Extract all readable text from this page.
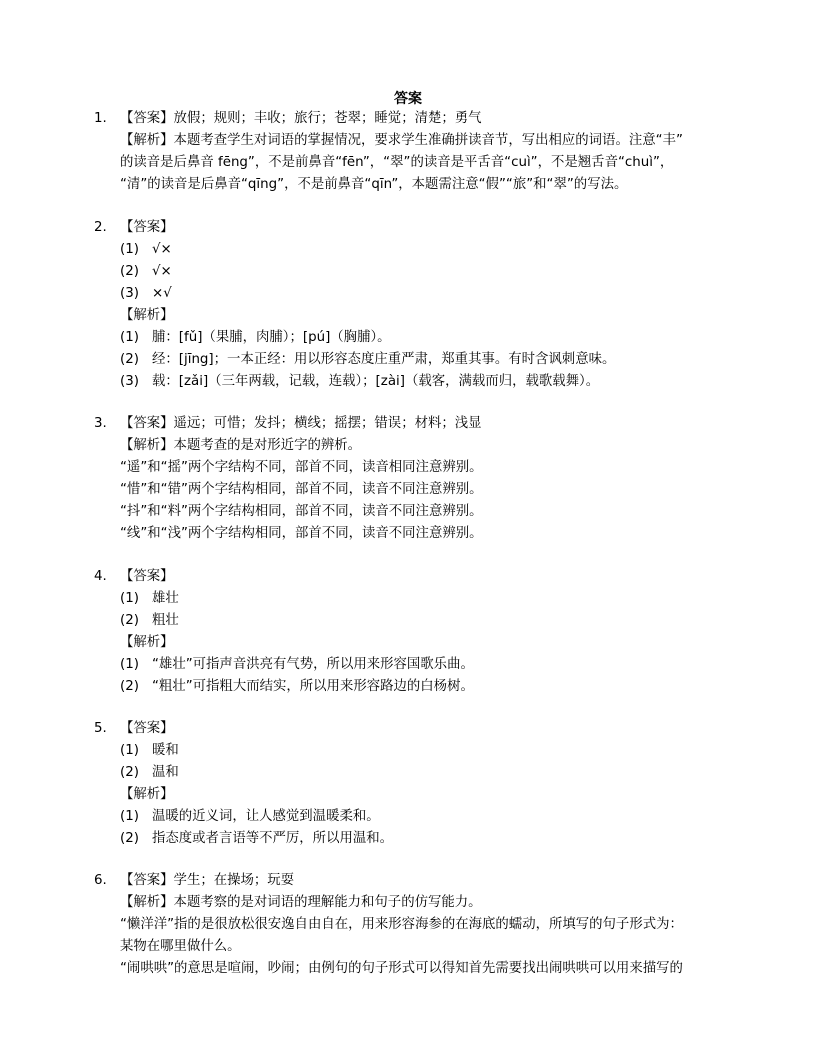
答案
1. 【答案】放假；规则；丰收；旅行；苍翠；睡觉；清楚；勇气
【解析】本题考查学生对词语的掌握情况，要求学生准确拼读音节，写出相应的词语。注意“丰”
的读音是后鼻音 fēng”，不是前鼻音“fēn”，“翠”的读音是平舌音“cuì”，不是翘舌音“chuì”，
“清”的读音是后鼻音“qīng”，不是前鼻音“qīn”，本题需注意“假”“旅”和“翠”的写法。
2. 【答案】
(1) √×
(2) √×
(3) ×√
【解析】
(1) 脯：[fǔ]（果脯，肉脯）；[pú]（胸脯）。
(2) 经：[jīng]；一本正经：用以形容态度庄重严肃，郑重其事。有时含讽刺意味。
(3) 载：[zǎi]（三年两载，记载，连载）；[zài]（载客，满载而归，载歌载舞）。
3. 【答案】遥远；可惜；发抖；横线；摇摆；错误；材料；浅显
【解析】本题考查的是对形近字的辨析。
“遥”和“摇”两个字结构不同，部首不同，读音相同注意辨别。
“惜”和“错”两个字结构相同，部首不同，读音不同注意辨别。
“抖”和“料”两个字结构相同，部首不同，读音不同注意辨别。
“线”和“浅”两个字结构相同，部首不同，读音不同注意辨别。
4. 【答案】
(1) 雄壮
(2) 粗壮
【解析】
(1) “雄壮”可指声音洪亮有气势，所以用来形容国歌乐曲。
(2) “粗壮”可指粗大而结实，所以用来形容路边的白杨树。
5. 【答案】
(1) 暖和
(2) 温和
【解析】
(1) 温暖的近义词，让人感觉到温暖柔和。
(2) 指态度或者言语等不严厉，所以用温和。
6. 【答案】学生；在操场；玩耍
【解析】本题考察的是对词语的理解能力和句子的仿写能力。
“懒洋洋”指的是很放松很安逸自由自在，用来形容海参的在海底的蠕动，所填写的句子形式为：
某物在哪里做什么。
“闹哄哄”的意思是喧闹，吵闹；由例句的句子形式可以得知首先需要找出闹哄哄可以用来描写的
